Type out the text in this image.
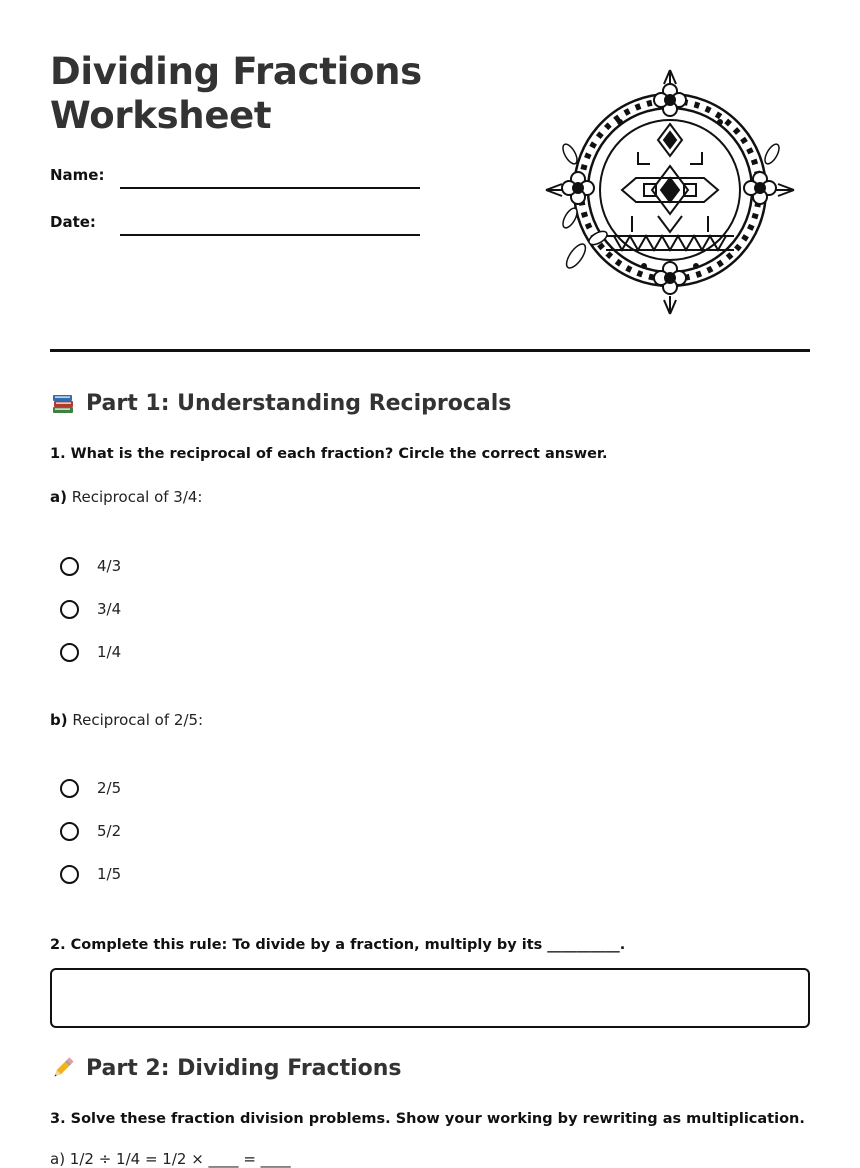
Dividing Fractions
Worksheet
Name:
Date:
Part 1: Understanding Reciprocals
1. What is the reciprocal of each fraction? Circle the correct answer.
a) Reciprocal of 3/4:
4/3
3/4
1/4
b) Reciprocal of 2/5:
2/5
5/2
1/5
2. Complete this rule: To divide by a fraction, multiply by its __________.
Part 2: Dividing Fractions
3. Solve these fraction division problems. Show your working by rewriting as multiplication.
a) 1/2 ÷ 1/4 = 1/2 × ____ = ____
